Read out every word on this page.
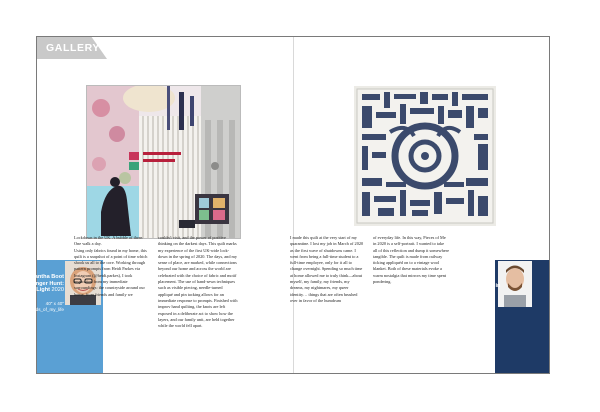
GALLERY
Samantha Boot
Scavenger Hunt:
Look to the Light 2020
40" x 40"
@Threads_of_my_life
Will Grimm
Pieces of Me in
2020 2020
48" x 32"
@_willgrimm_

Lockdown in the UK. A bubble of three.

One walk a day.

Using only fabrics found in my home, this quilt is a snapshot of a point of time which shook us all to the core. Working through pattern prompts from Heidi Parkes via Instagram (@heidi.parkes), I took inspiration from my immediate surroundings: the countryside around our home, from friends and family we

couldn't visit, and the power of positive thinking on the darkest days. This quilt marks my experience of the first UK-wide lock-down in the spring of 2020. The days, and my sense of place, are marked, while connections beyond our home and across the world are celebrated with the choice of fabric and motif placement. The use of hand-sewn techniques such as visible piecing, needle-turned appliqué and pin tacking allows for an immediate response to prompts. Finished with improv hand quilting, the knots are left exposed in a deliberate act to show how the layers, and our family unit, are held together while the world fell apart.

I made this quilt at the very start of my quarantine. I lost my job in March of 2020 as the first wave of shutdowns came. I went from being a full-time student to a full-time employee, only for it all to change overnight. Spending so much time at home allowed me to truly think—about myself, my family, my friends, my dreams, my nightmares, my queer identity… things that are often brushed over in favor of the humdrum

of everyday life. In this way, Pieces of Me in 2020 is a self-portrait. I wanted to take all of this reflection and dump it somewhere tangible. The quilt is made from railway ticking appliquéd on to a vintage wool blanket. Both of these materials evoke a warm nostalgia that mirrors my time spent pondering.
